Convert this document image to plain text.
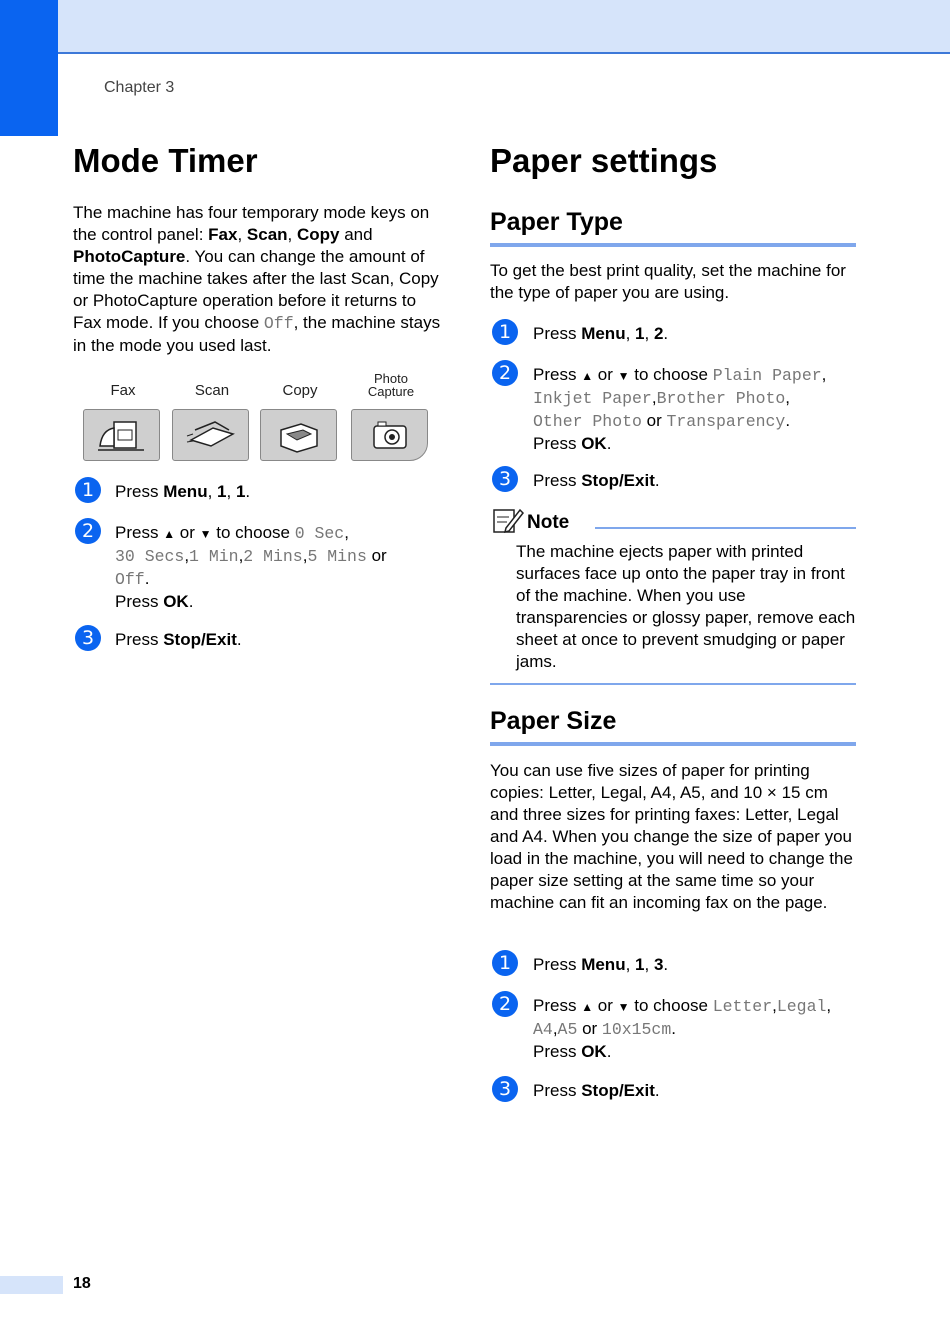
Chapter 3
Mode Timer

The machine has four temporary mode keys on the control panel: Fax, Scan, Copy and PhotoCapture. You can change the amount of time the machine takes after the last Scan, Copy or PhotoCapture operation before it returns to Fax mode. If you choose Off, the machine stays in the mode you used last.

Fax	Scan	Copy
Photo
Capture
1	Press Menu, 1, 1.
2	Press ▲ or ▼ to choose 0 Sec,
30 Secs,1 Min,2 Mins,5 Mins or
Off.
Press OK.
3	Press Stop/Exit.
Paper settings
Paper Type

To get the best print quality, set the machine for the type of paper you are using.

1	Press Menu, 1, 2.
2	Press ▲ or ▼ to choose Plain Paper,
Inkjet Paper,Brother Photo,
Other Photo or Transparency.
Press OK.
3	Press Stop/Exit.
Note

The machine ejects paper with printed surfaces face up onto the paper tray in front of the machine. When you use transparencies or glossy paper, remove each sheet at once to prevent smudging or paper jams.

Paper Size

You can use five sizes of paper for printing copies: Letter, Legal, A4, A5, and 10 × 15 cm and three sizes for printing faxes: Letter, Legal and A4. When you change the size of paper you load in the machine, you will need to change the paper size setting at the same time so your machine can fit an incoming fax on the page.

1	Press Menu, 1, 3.
2	Press ▲ or ▼ to choose Letter,Legal,
A4,A5 or 10x15cm.
Press OK.
3	Press Stop/Exit.
18
